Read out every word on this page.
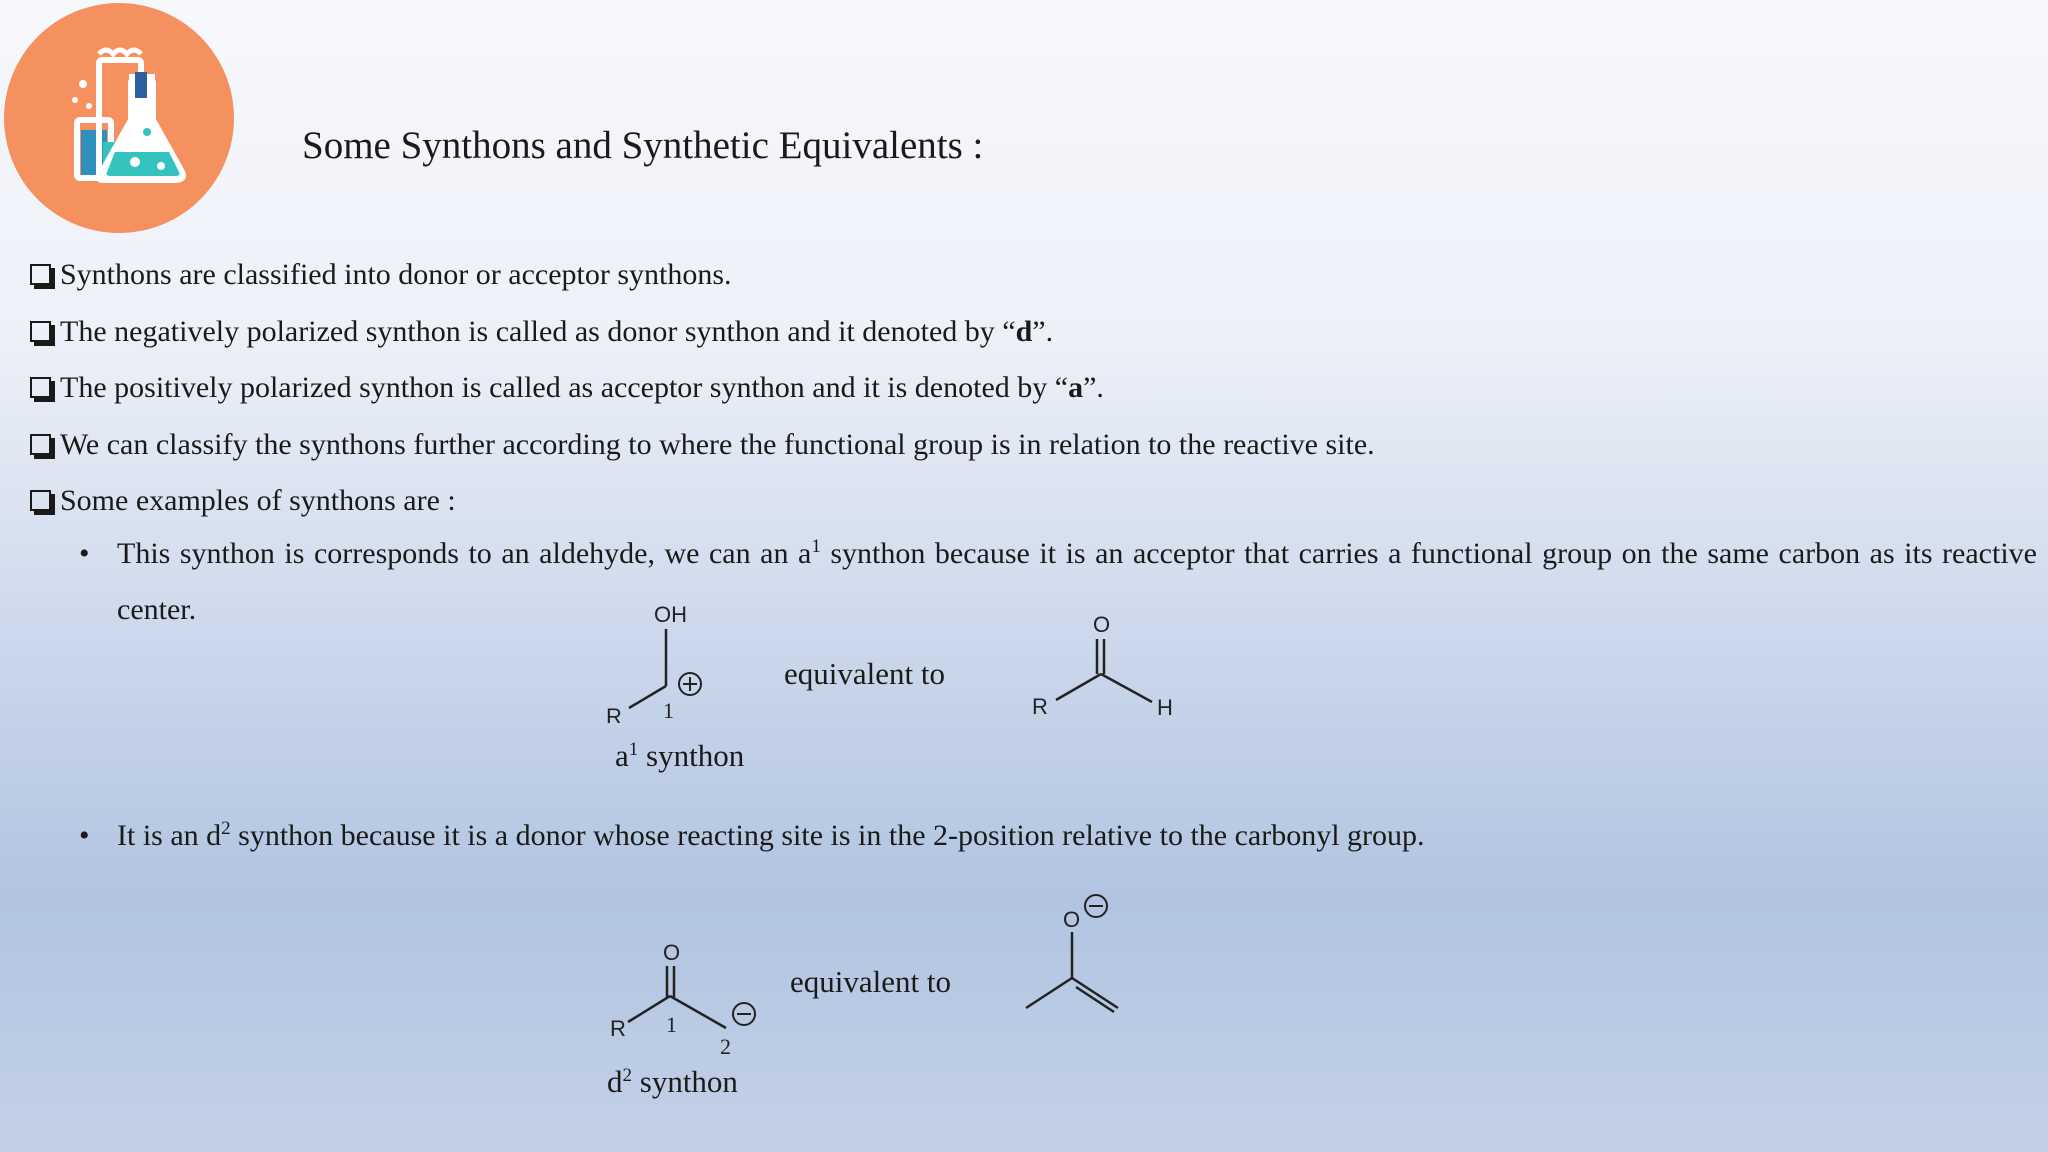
Some Synthons and Synthetic Equivalents :
Synthons are classified into donor or acceptor synthons.
The negatively polarized synthon is called as donor synthon and it denoted by “d”.
The positively polarized synthon is called as acceptor synthon and it is denoted by “a”.
We can classify the synthons further according to where the functional group is in relation to the reactive site.
Some examples of synthons are :
• This synthon is corresponds to an aldehyde, we can an $a^1$ synthon because it is an acceptor that carries a functional group on the same carbon as its reactive center.	OH
R 1
$a^1$ synthon
equivalent to
O
R	H
• It is an $d^2$ synthon because it is a donor whose reacting site is in the 2-position relative to the carbonyl group.
O
R 1
2
$d^2$ synthon
equivalent to
O
